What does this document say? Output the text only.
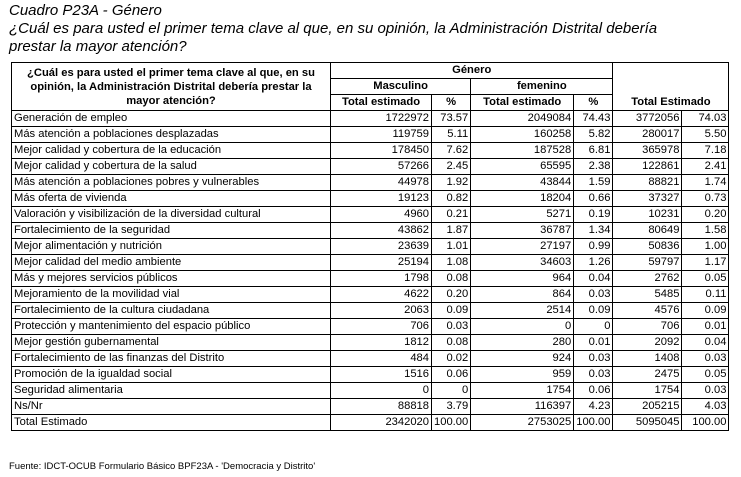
Cuadro P23A - Género
¿Cuál es para usted el primer tema clave al que, en su opinión, la Administración Distrital debería
prestar la mayor atención?
¿Cuál es para usted el primer tema clave al que, en su opinión, la Administración Distrital debería prestar la mayor atención?	Género					
	Masculino		femenino			
	Total estimado	%	Total estimado	%	Total Estimado	
Generación de empleo	1722972	73.57	2049084	74.43	3772056	74.03
Más atención a poblaciones desplazadas	119759	5.11	160258	5.82	280017	5.50
Mejor calidad y cobertura de la educación	178450	7.62	187528	6.81	365978	7.18
Mejor calidad y cobertura de la salud	57266	2.45	65595	2.38	122861	2.41
Más atención a poblaciones pobres y vulnerables	44978	1.92	43844	1.59	88821	1.74
Más oferta de vivienda	19123	0.82	18204	0.66	37327	0.73
Valoración y visibilización de la diversidad cultural	4960	0.21	5271	0.19	10231	0.20
Fortalecimiento de la seguridad	43862	1.87	36787	1.34	80649	1.58
Mejor alimentación y nutrición	23639	1.01	27197	0.99	50836	1.00
Mejor calidad del medio ambiente	25194	1.08	34603	1.26	59797	1.17
Más y mejores servicios públicos	1798	0.08	964	0.04	2762	0.05
Mejoramiento de la movilidad vial	4622	0.20	864	0.03	5485	0.11
Fortalecimiento de la cultura ciudadana	2063	0.09	2514	0.09	4576	0.09
Protección y mantenimiento del espacio público	706	0.03	0	0	706	0.01
Mejor gestión gubernamental	1812	0.08	280	0.01	2092	0.04
Fortalecimiento de las finanzas del Distrito	484	0.02	924	0.03	1408	0.03
Promoción de la igualdad social	1516	0.06	959	0.03	2475	0.05
Seguridad alimentaria	0	0	1754	0.06	1754	0.03
Ns/Nr	88818	3.79	116397	4.23	205215	4.03
Total Estimado	2342020	100.00	2753025	100.00	5095045	100.00
Fuente: IDCT-OCUB Formulario Básico BPF23A - 'Democracia y Distrito'
